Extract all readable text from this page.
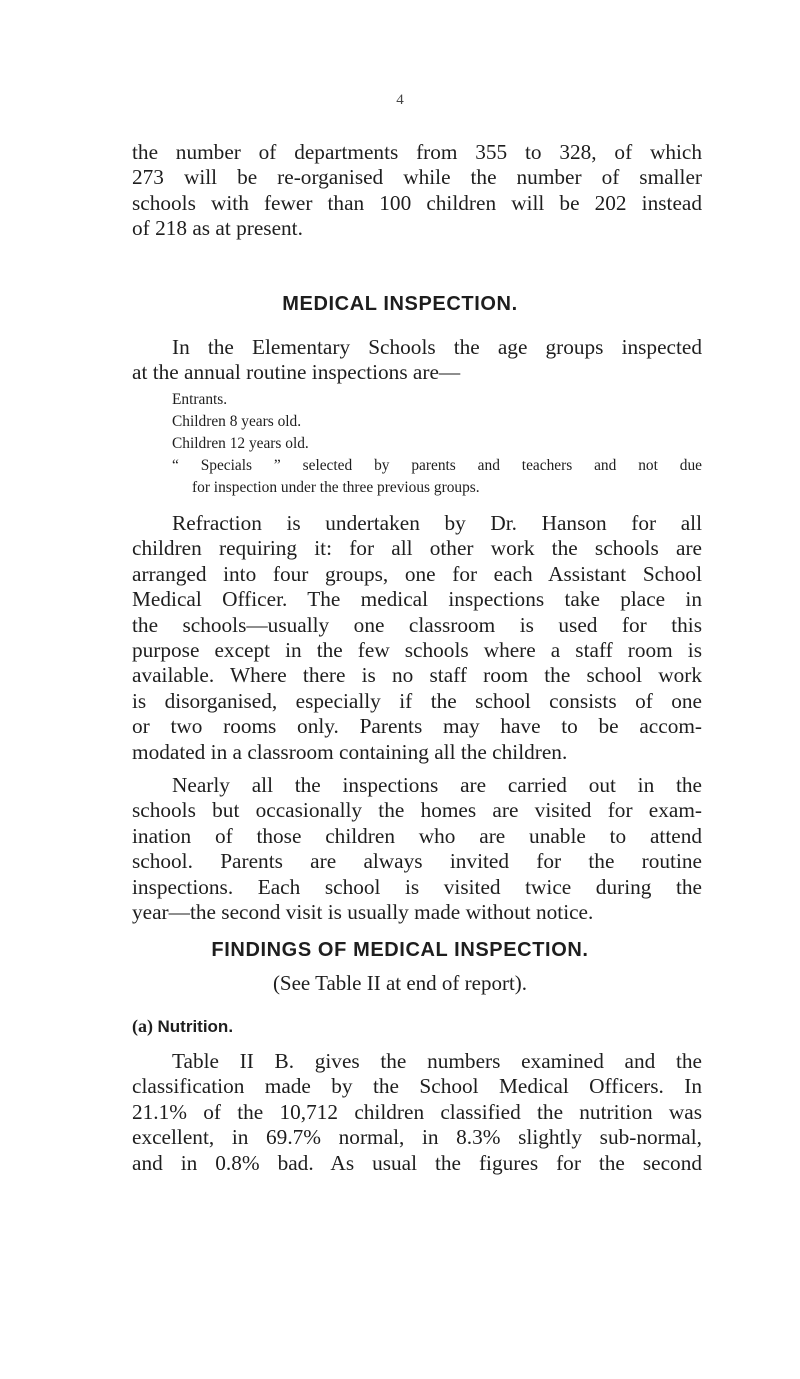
4
the number of departments from 355 to 328, of which
273 will be re-organised while the number of smaller
schools with fewer than 100 children will be 202 instead
of 218 as at present.
MEDICAL INSPECTION.
In the Elementary Schools the age groups inspected
at the annual routine inspections are—
Entrants.
Children 8 years old.
Children 12 years old.
“ Specials ” selected by parents and teachers and not due
for inspection under the three previous groups.
Refraction is undertaken by Dr. Hanson for all
children requiring it: for all other work the schools are
arranged into four groups, one for each Assistant School
Medical Officer. The medical inspections take place in
the schools—usually one classroom is used for this
purpose except in the few schools where a staff room is
available. Where there is no staff room the school work
is disorganised, especially if the school consists of one
or two rooms only. Parents may have to be accom-
modated in a classroom containing all the children.
Nearly all the inspections are carried out in the
schools but occasionally the homes are visited for exam-
ination of those children who are unable to attend
school. Parents are always invited for the routine
inspections. Each school is visited twice during the
year—the second visit is usually made without notice.
FINDINGS OF MEDICAL INSPECTION.
(See Table II at end of report).
(a) Nutrition.
Table II B. gives the numbers examined and the
classification made by the School Medical Officers. In
21.1% of the 10,712 children classified the nutrition was
excellent, in 69.7% normal, in 8.3% slightly sub-normal,
and in 0.8% bad. As usual the figures for the second
